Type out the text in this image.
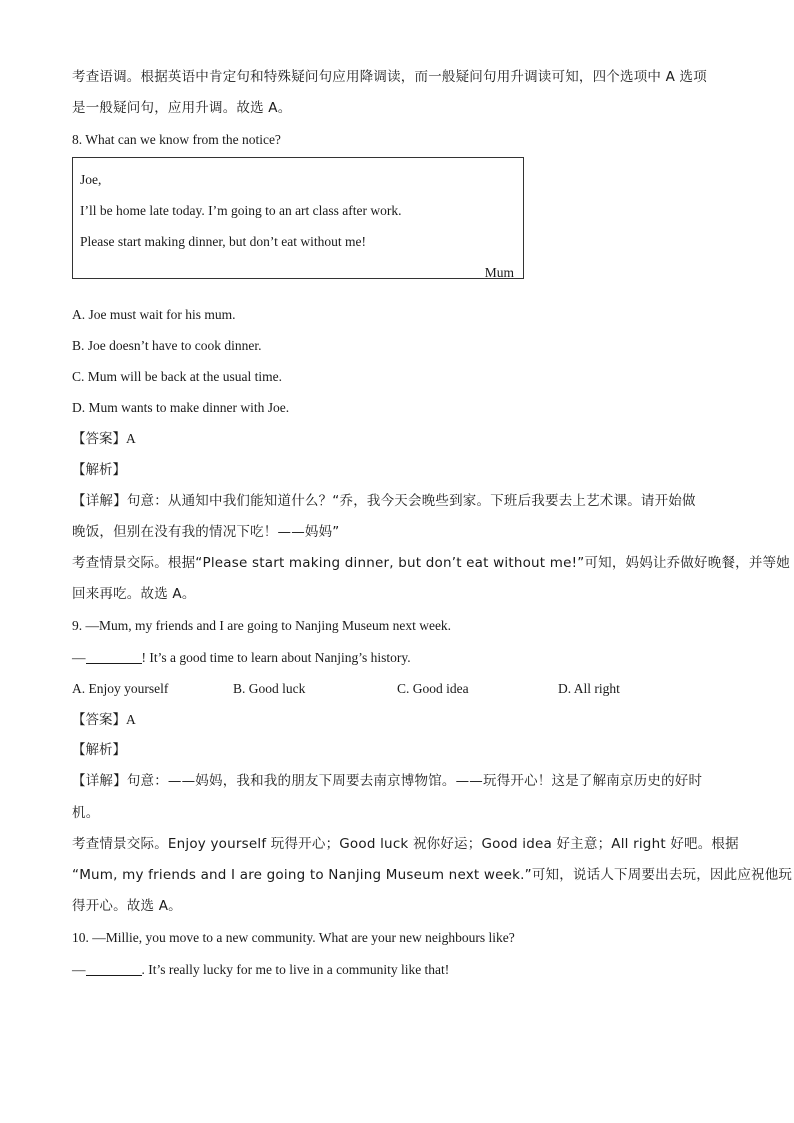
考查语调。根据英语中肯定句和特殊疑问句应用降调读，而一般疑问句用升调读可知，四个选项中 A 选项
是一般疑问句，应用升调。故选 A。
8. What can we know from the notice?
Joe,
I’ll be home late today. I’m going to an art class after work.
Please start making dinner, but don’t eat without me!
Mum
A. Joe must wait for his mum.
B. Joe doesn’t have to cook dinner.
C. Mum will be back at the usual time.
D. Mum wants to make dinner with Joe.
【答案】A
【解析】
【详解】句意：从通知中我们能知道什么？“乔，我今天会晚些到家。下班后我要去上艺术课。请开始做
晚饭，但别在没有我的情况下吃！——妈妈”
考查情景交际。根据“Please start making dinner, but don’t eat without me!”可知，妈妈让乔做好晚餐，并等她
回来再吃。故选 A。
9. —Mum, my friends and I are going to Nanjing Museum next week.
—	! It’s a good time to learn about Nanjing’s history.
A. Enjoy yourself	B. Good luck	C. Good idea	D. All right
【答案】A
【解析】
【详解】句意：——妈妈，我和我的朋友下周要去南京博物馆。——玩得开心！这是了解南京历史的好时
机。
考查情景交际。Enjoy yourself 玩得开心；Good luck 祝你好运；Good idea 好主意；All right 好吧。根据
“Mum, my friends and I are going to Nanjing Museum next week.”可知，说话人下周要出去玩，因此应祝他玩
得开心。故选 A。
10. —Millie, you move to a new community. What are your new neighbours like?
—	. It’s really lucky for me to live in a community like that!
